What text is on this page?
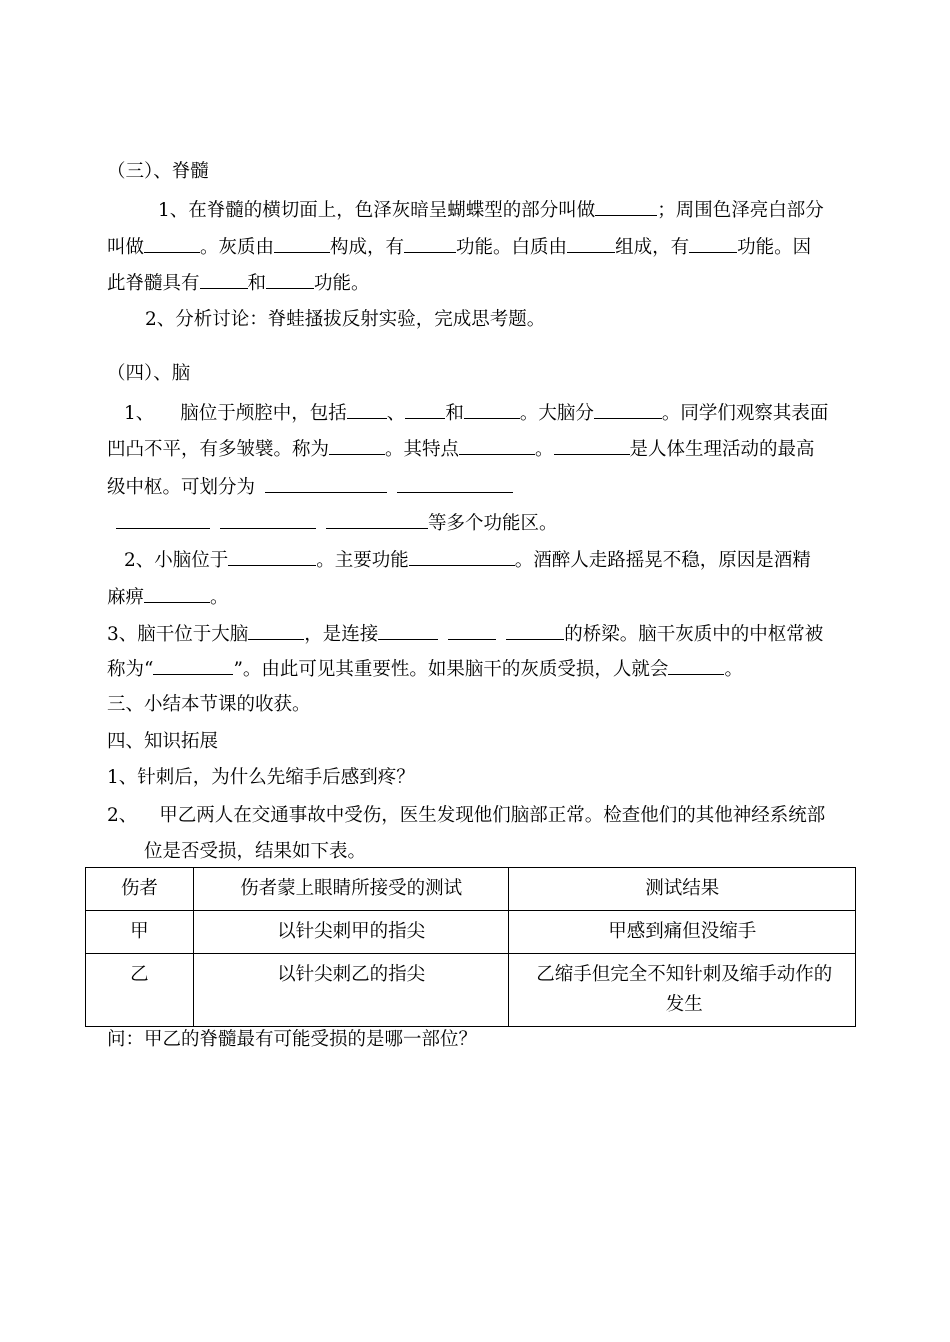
（三）、脊髓
1、在脊髓的横切面上，色泽灰暗呈蝴蝶型的部分叫做	；周围色泽亮白部分
叫做	。灰质由	构成，有	功能。白质由	组成，有	功能。因
此脊髓具有	和	功能。
2、分析讨论：脊蛙搔拔反射实验，完成思考题。
（四）、脑
1、 脑位于颅腔中，包括 、 和	。大脑分	。同学们观察其表面
凹凸不平，有多皱襞。称为	。其特点	。	是人体生理活动的最高
级中枢。可划分为
等多个功能区。
2、小脑位于	。主要功能	。酒醉人走路摇晃不稳，原因是酒精
麻痹	。
3、脑干位于大脑	，是连接	的桥梁。脑干灰质中的中枢常被
称为“	”。由此可见其重要性。如果脑干的灰质受损，人就会	。
三、小结本节课的收获。
四、知识拓展
1、针刺后，为什么先缩手后感到疼？
2、 甲乙两人在交通事故中受伤，医生发现他们脑部正常。检查他们的其他神经系统部
位是否受损，结果如下表。
伤者	伤者蒙上眼睛所接受的测试	测试结果
甲	以针尖刺甲的指尖	甲感到痛但没缩手
乙	以针尖刺乙的指尖	乙缩手但完全不知针刺及缩手动作的发生
问：甲乙的脊髓最有可能受损的是哪一部位？
